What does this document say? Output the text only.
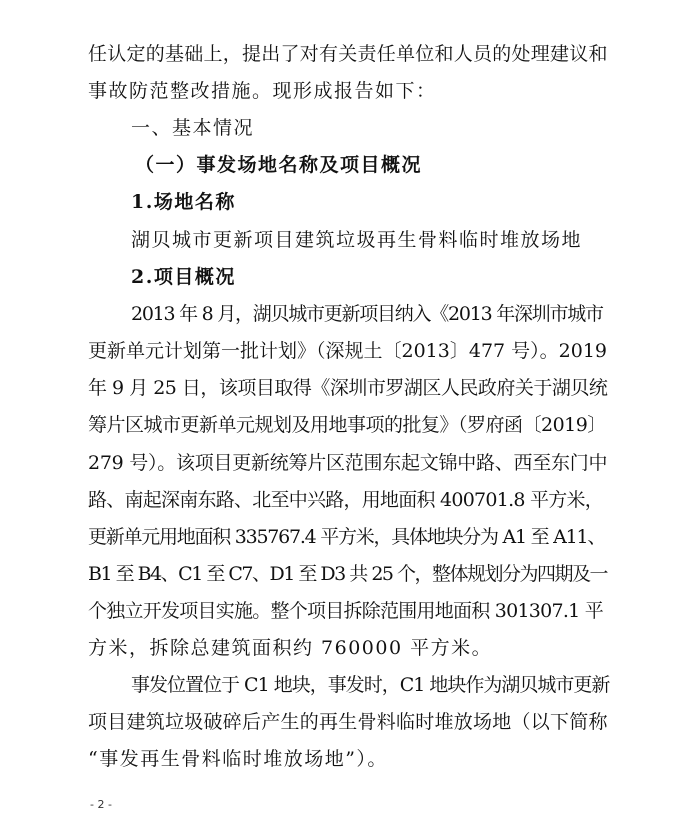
任认定的基础上，提出了对有关责任单位和人员的处理建议和
事故防范整改措施。现形成报告如下：
一、基本情况
（一）事发场地名称及项目概况
1.场地名称
湖贝城市更新项目建筑垃圾再生骨料临时堆放场地
2.项目概况
2013 年 8 月，湖贝城市更新项目纳入《2013 年深圳市城市
更新单元计划第一批计划》（深规土〔2013〕477 号）。2019
年 9 月 25 日，该项目取得《深圳市罗湖区人民政府关于湖贝统
筹片区城市更新单元规划及用地事项的批复》（罗府函〔2019〕
279 号）。该项目更新统筹片区范围东起文锦中路、西至东门中
路、南起深南东路、北至中兴路，用地面积 400701.8 平方米，
更新单元用地面积 335767.4 平方米，具体地块分为 A1 至 A11、
B1 至 B4、C1 至 C7、D1 至 D3 共 25 个，整体规划分为四期及一
个独立开发项目实施。整个项目拆除范围用地面积 301307.1 平
方米，拆除总建筑面积约 760000 平方米。
事发位置位于 C1 地块，事发时，C1 地块作为湖贝城市更新
项目建筑垃圾破碎后产生的再生骨料临时堆放场地（以下简称
“事发再生骨料临时堆放场地”）。
- 2 -
